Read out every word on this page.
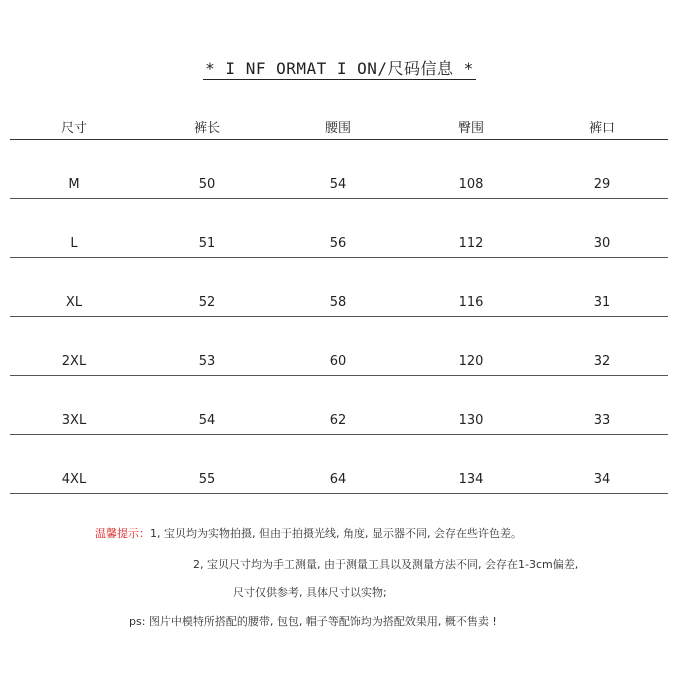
* I NF ORMAT I ON/尺码信息 *
尺寸	裤长	腰围	臀围	裤口
M	50	54	108	29
L	51	56	112	30
XL	52	58	116	31
2XL	53	60	120	32
3XL	54	62	130	33
4XL	55	64	134	34
温馨提示：1, 宝贝均为实物拍摄, 但由于拍摄光线, 角度, 显示器不同, 会存在些许色差。
2, 宝贝尺寸均为手工测量, 由于测量工具以及测量方法不同, 会存在1-3cm偏差,
尺寸仅供参考, 具体尺寸以实物;
ps: 图片中模特所搭配的腰带, 包包, 帽子等配饰均为搭配效果用, 概不售卖 !
